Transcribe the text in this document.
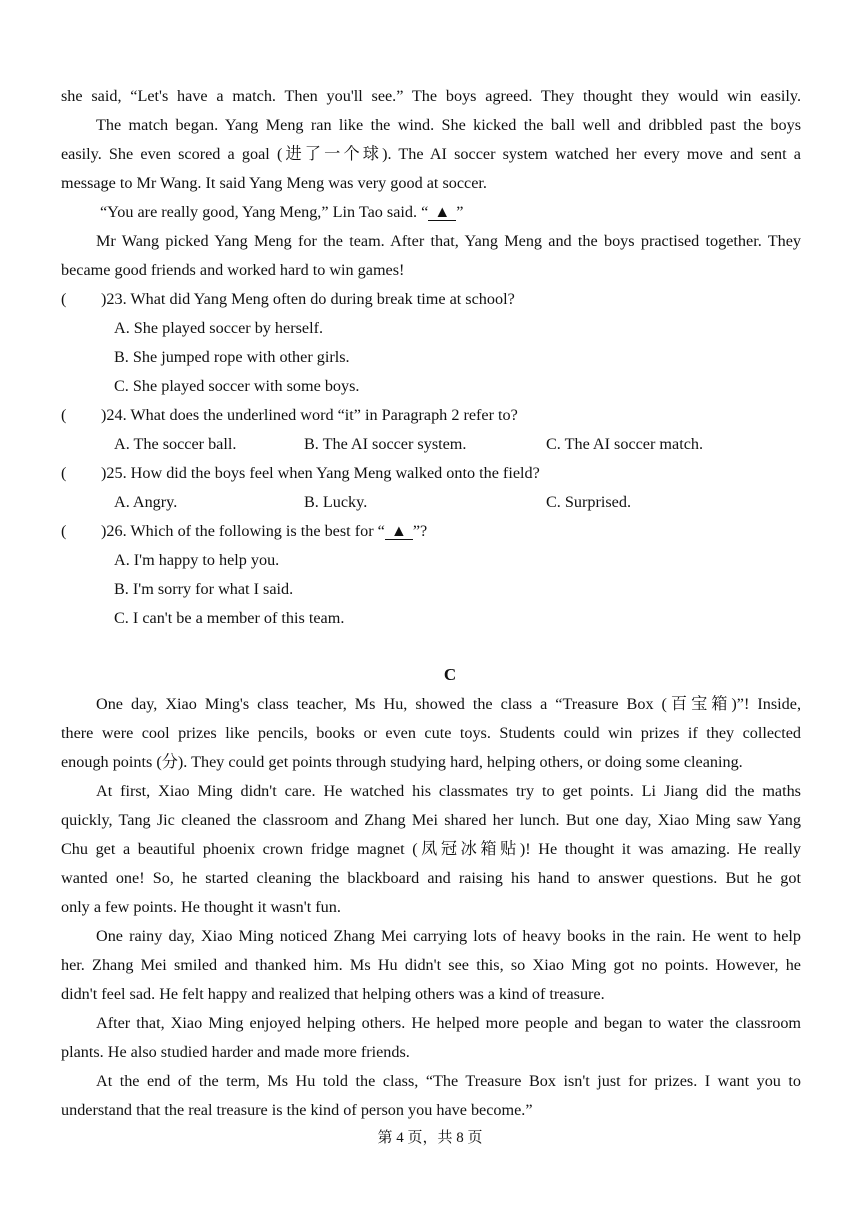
she said, “Let's have a match. Then you'll see.” The boys agreed. They thought they would win easily.
The match began. Yang Meng ran like the wind. She kicked the ball well and dribbled past the boys
easily. She even scored a goal (进了一个球). The AI soccer system watched her every move and sent a
message to Mr Wang. It said Yang Meng was very good at soccer.
“You are really good, Yang Meng,” Lin Tao said. “ ▲ ”
Mr Wang picked Yang Meng for the team. After that, Yang Meng and the boys practised together. They
became good friends and worked hard to win games!
( )23. What did Yang Meng often do during break time at school?
A. She played soccer by herself.
B. She jumped rope with other girls.
C. She played soccer with some boys.
( )24. What does the underlined word “it” in Paragraph 2 refer to?
A. The soccer ball.	B. The AI soccer system.	C. The AI soccer match.
( )25. How did the boys feel when Yang Meng walked onto the field?
A. Angry.	B. Lucky.	C. Surprised.
( )26. Which of the following is the best for “ ▲ ”?
A. I'm happy to help you.
B. I'm sorry for what I said.
C. I can't be a member of this team.
C
One day, Xiao Ming's class teacher, Ms Hu, showed the class a “Treasure Box (百宝箱)”! Inside,
there were cool prizes like pencils, books or even cute toys. Students could win prizes if they collected
enough points (分). They could get points through studying hard, helping others, or doing some cleaning.
At first, Xiao Ming didn't care. He watched his classmates try to get points. Li Jiang did the maths
quickly, Tang Jic cleaned the classroom and Zhang Mei shared her lunch. But one day, Xiao Ming saw Yang
Chu get a beautiful phoenix crown fridge magnet (凤冠冰箱贴)! He thought it was amazing. He really
wanted one! So, he started cleaning the blackboard and raising his hand to answer questions. But he got
only a few points. He thought it wasn't fun.
One rainy day, Xiao Ming noticed Zhang Mei carrying lots of heavy books in the rain. He went to help
her. Zhang Mei smiled and thanked him. Ms Hu didn't see this, so Xiao Ming got no points. However, he
didn't feel sad. He felt happy and realized that helping others was a kind of treasure.
After that, Xiao Ming enjoyed helping others. He helped more people and began to water the classroom
plants. He also studied harder and made more friends.
At the end of the term, Ms Hu told the class, “The Treasure Box isn't just for prizes. I want you to
understand that the real treasure is the kind of person you have become.”
第 4 页，共 8 页
